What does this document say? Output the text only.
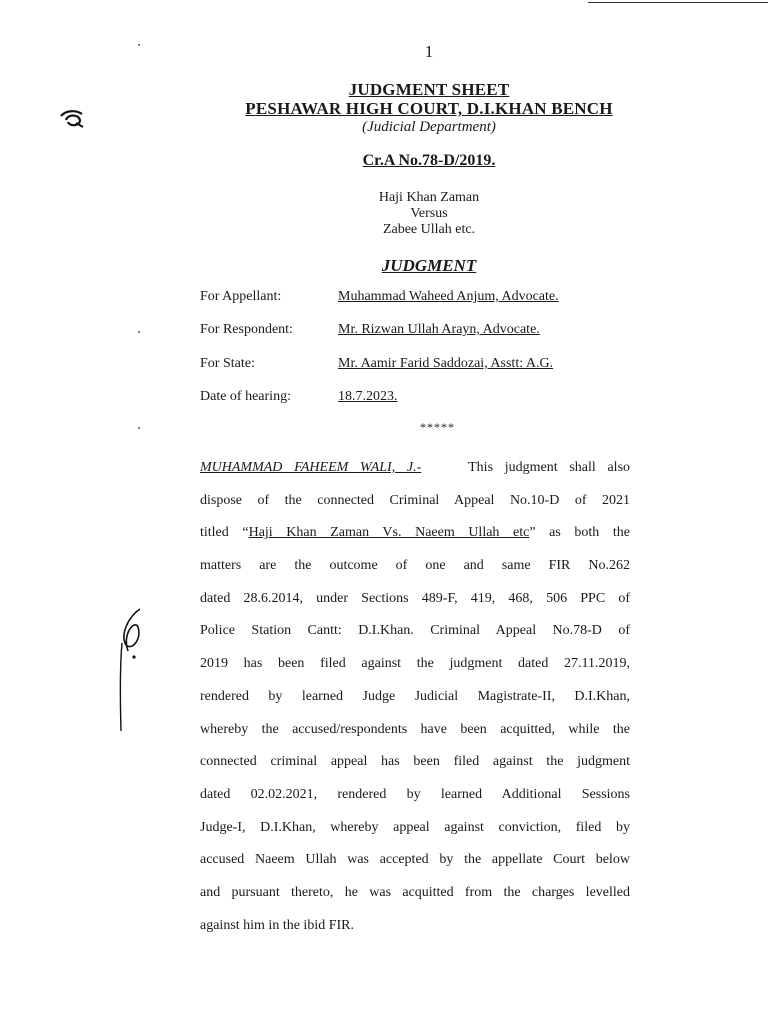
1
JUDGMENT SHEET
PESHAWAR HIGH COURT, D.I.KHAN BENCH
(Judicial Department)
Cr.A No.78-D/2019.
Haji Khan Zaman
Versus
Zabee Ullah etc.
JUDGMENT
For Appellant:	Muhammad Waheed Anjum, Advocate.
For Respondent:	Mr. Rizwan Ullah Arayn, Advocate.
For State:	Mr. Aamir Farid Saddozai, Asstt: A.G.
Date of hearing:	18.7.2023.
*****
MUHAMMAD FAHEEM WALI, J.-	This judgment shall also
dispose of the connected Criminal Appeal No.10-D of 2021
titled “Haji Khan Zaman Vs. Naeem Ullah etc” as both the
matters are the outcome of one and same FIR No.262
dated 28.6.2014, under Sections 489-F, 419, 468, 506 PPC of
Police Station Cantt: D.I.Khan. Criminal Appeal No.78-D of
2019 has been filed against the judgment dated 27.11.2019,
rendered by learned Judge Judicial Magistrate-II, D.I.Khan,
whereby the accused/respondents have been acquitted, while the
connected criminal appeal has been filed against the judgment
dated 02.02.2021, rendered by learned Additional Sessions
Judge-I, D.I.Khan, whereby appeal against conviction, filed by
accused Naeem Ullah was accepted by the appellate Court below
and pursuant thereto, he was acquitted from the charges levelled
against him in the ibid FIR.
